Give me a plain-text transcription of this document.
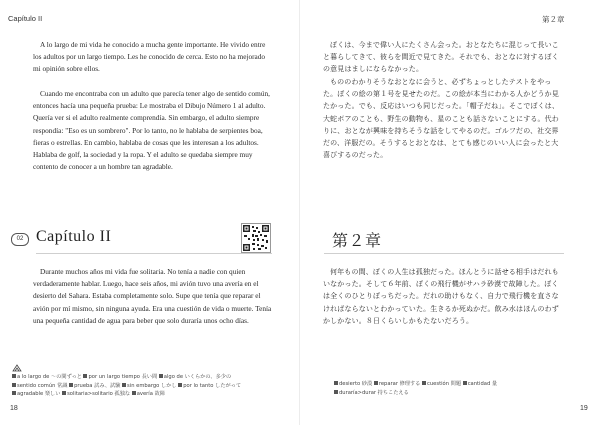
Capítulo II

A lo largo de mi vida he conocido a mucha gente importante. He vivido entre los adultos por un largo tiempo. Les he conocido de cerca. Esto no ha mejorado mi opinión sobre ellos.

Cuando me encontraba con un adulto que parecía tener algo de sentido común, entonces hacía una pequeña prueba: Le mostraba el Dibujo Número 1 al adulto. Quería ver si el adulto realmente comprendía. Sin embargo, el adulto siempre respondía: "Eso es un sombrero". Por lo tanto, no le hablaba de serpientes boa, fieras o estrellas. En cambio, hablaba de cosas que les interesan a los adultos. Hablaba de golf, la sociedad y la ropa. Y el adulto se quedaba siempre muy contento de conocer a un hombre tan agradable.

02 Capítulo II

Durante muchos años mi vida fue solitaria. No tenía a nadie con quien verdaderamente hablar. Luego, hace seis años, mi avión tuvo una avería en el desierto del Sahara. Estaba completamente solo. Supe que tenía que reparar el avión por mí mismo, sin ninguna ayuda. Era una cuestión de vida o muerte. Tenía una pequeña cantidad de agua para beber que solo duraría unos ocho días.

a lo largo de 〜の間ずっと por un largo tiempo 長い間 algo de いくらかの、多少の sentido común 常識 prueba 試み、試験 sin embargo しかし por lo tanto したがって agradable 楽しい solitaria>solitario 孤独な avería 故障
18
第２章

ぼくは、今まで偉い人にたくさん会った。おとなたちに混じって長いこと暮らしてきて、彼らを間近で見てきた。それでも、おとなに対するぼくの意見はましにならなかった。

もののわかりそうなおとなに会うと、必ずちょっとしたテストをやった。ぼくの絵の第１号を見せたのだ。この絵が本当にわかる人かどうか見たかった。でも、反応はいつも同じだった。「帽子だね」。そこでぼくは、大蛇ボアのことも、野生の動物も、星のことも話さないことにする。代わりに、おとなが興味を持ちそうな話をしてやるのだ。ゴルフだの、社交界だの、洋服だの。そうするとおとなは、とても感じのいい人に会ったと大喜びするのだった。

第２章

何年もの間、ぼくの人生は孤独だった。ほんとうに話せる相手はだれもいなかった。そして６年前、ぼくの飛行機がサハラ砂漠で故障した。ぼくは全くのひとりぼっちだった。だれの助けもなく、自力で飛行機を直さなければならないとわかっていた。生きるか死ぬかだ。飲み水はほんのわずかしかない。８日くらいしかもたないだろう。

desierto 砂漠 reparar 修理する cuestión 問題 cantidad 量 duraría>durar 持ちこたえる
19
